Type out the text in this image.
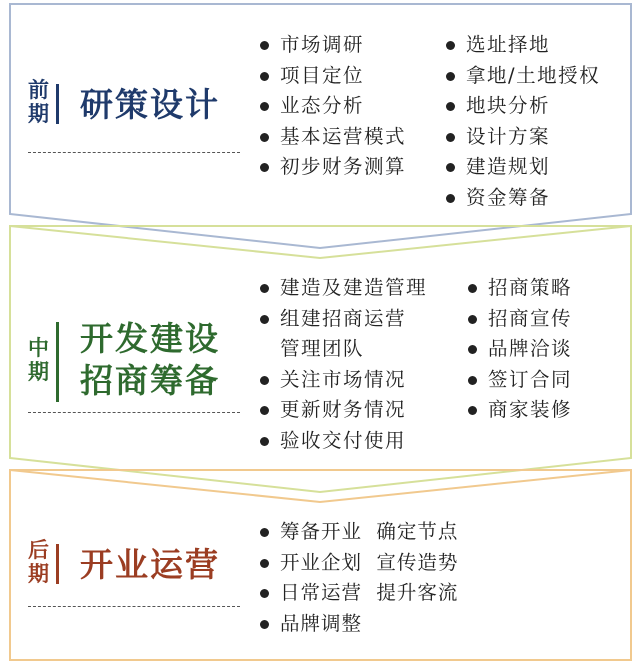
前
期 研策设计
市场调研
项目定位
业态分析
基本运营模式
初步财务测算
选址择地
拿地/土地授权
地块分析
设计方案
建造规划
资金筹备
中
期
开发建设
招商筹备
建造及建造管理
组建招商运营
管理团队
关注市场情况
更新财务情况
验收交付使用
招商策略
招商宣传
品牌洽谈
签订合同
商家装修
后
期 开业运营
筹备开业  确定节点
开业企划  宣传造势
日常运营  提升客流
品牌调整
